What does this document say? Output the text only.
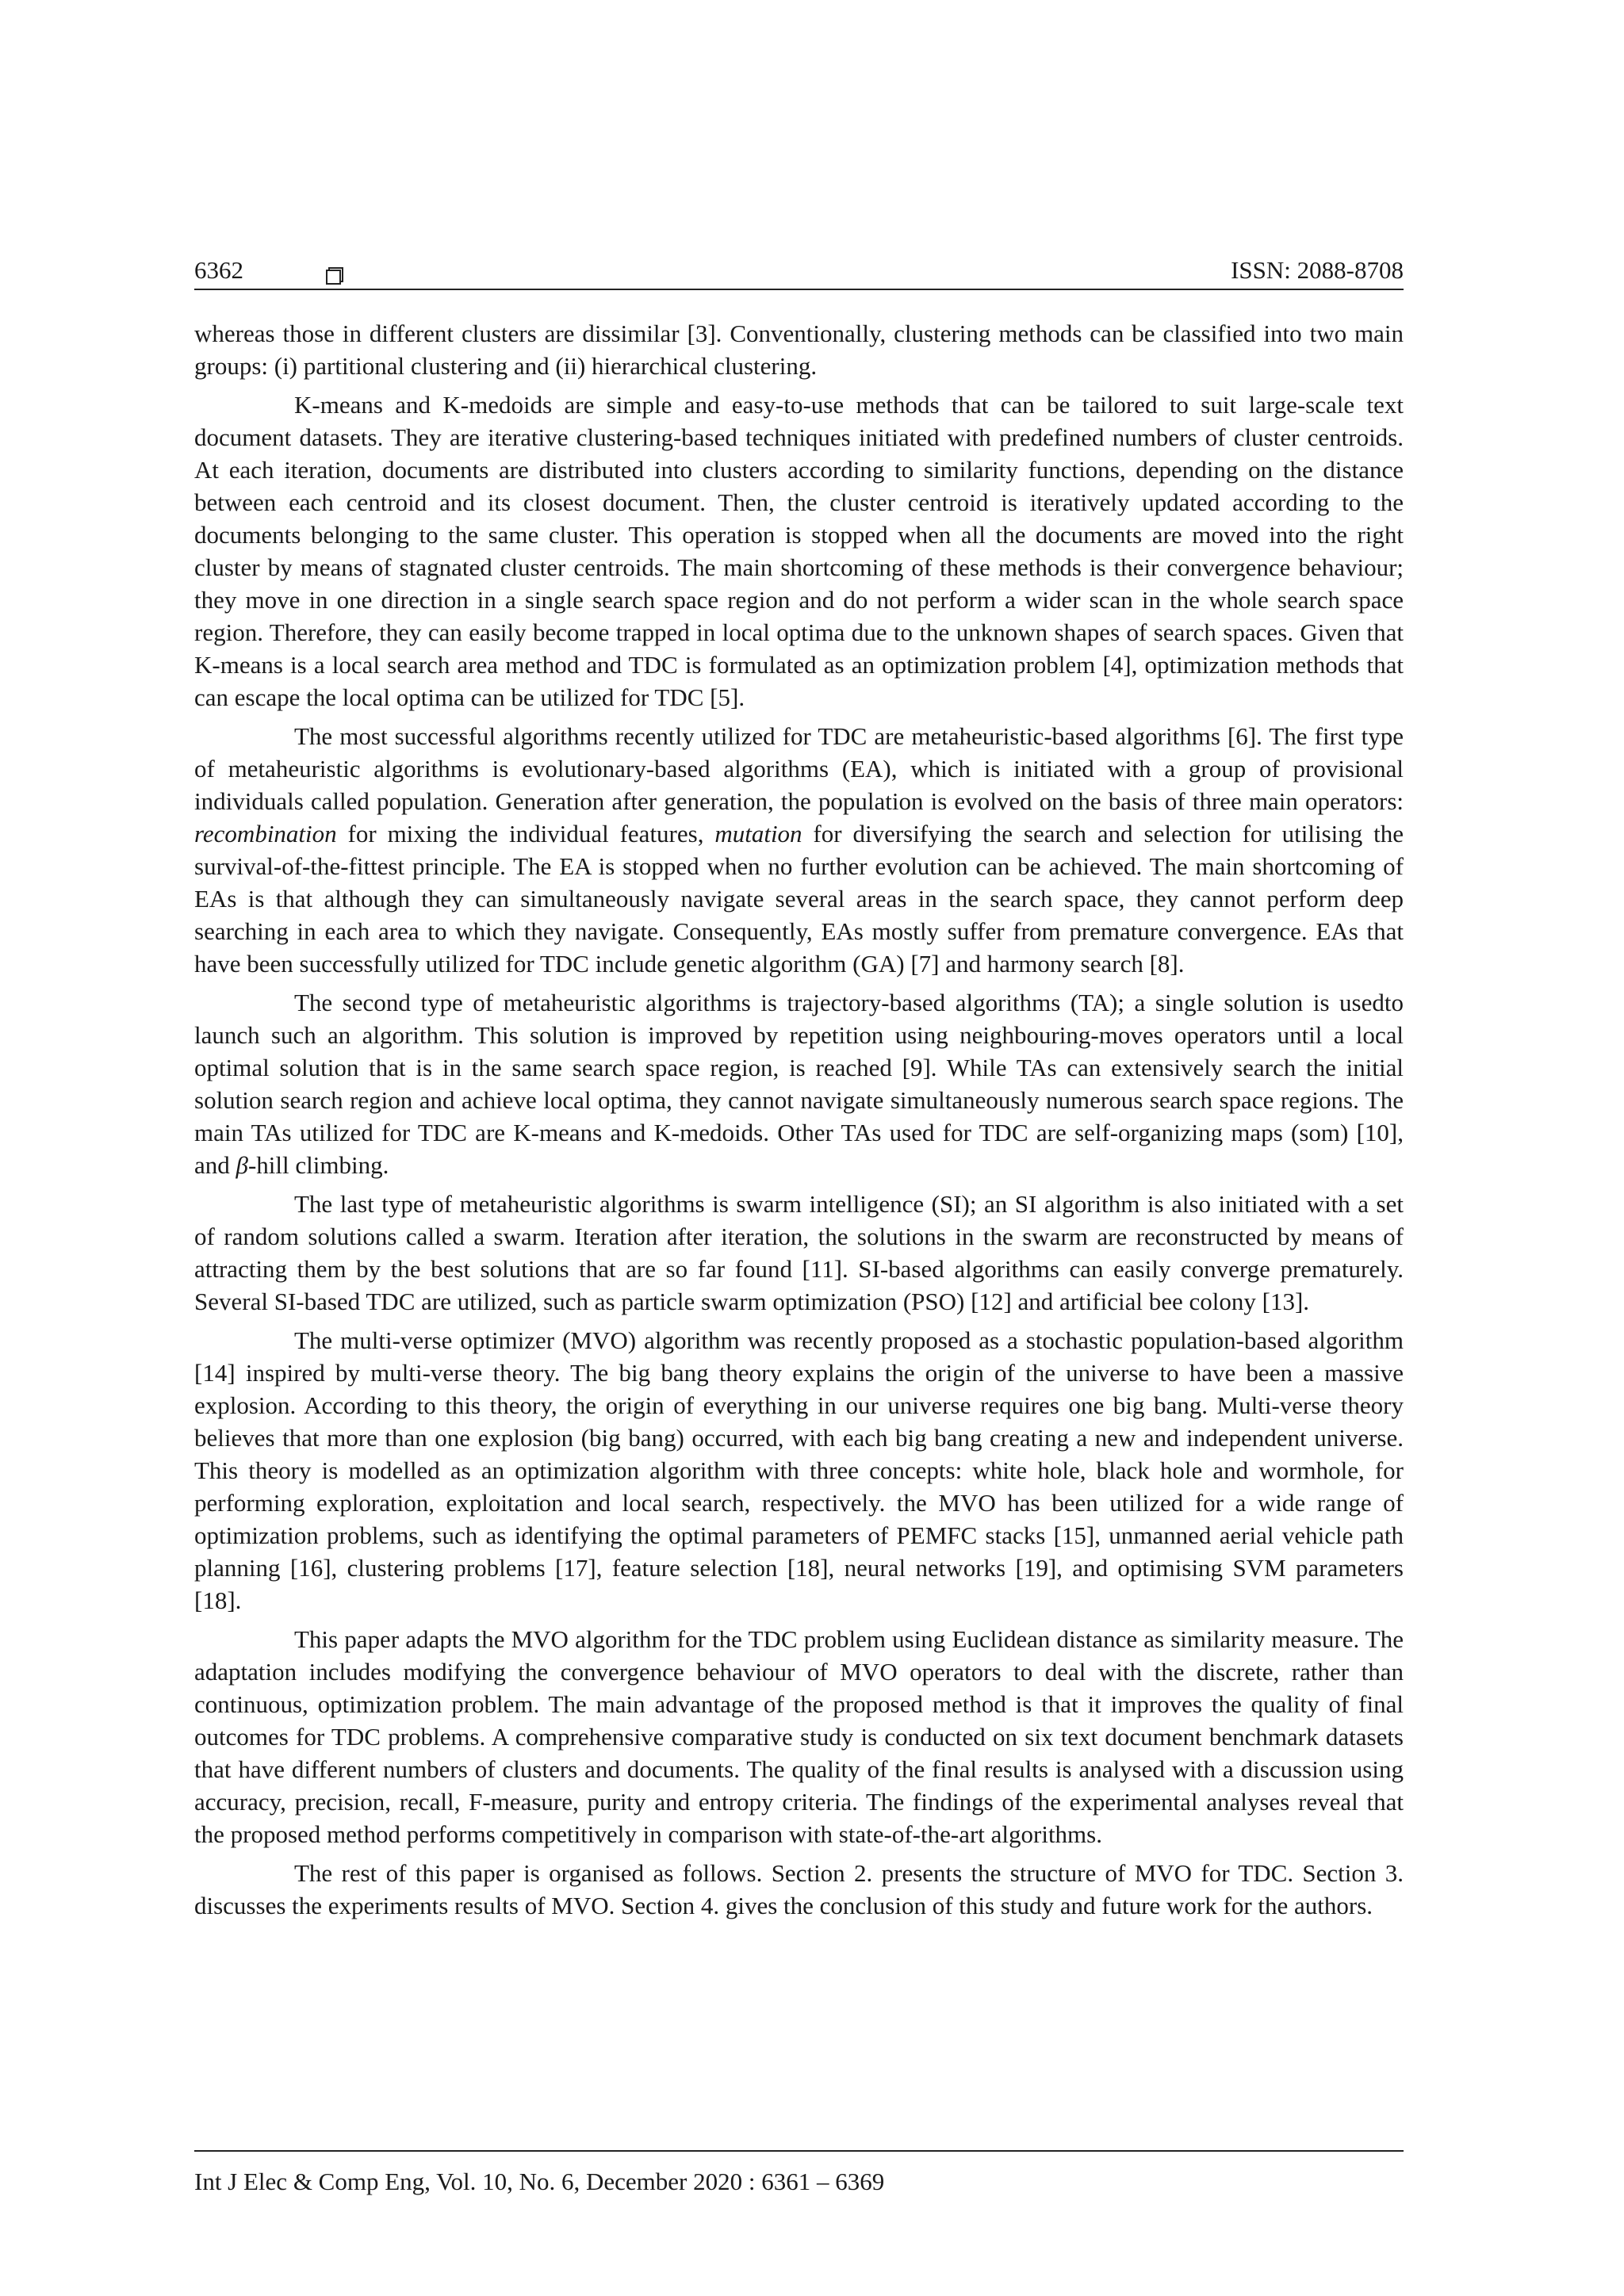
6362	ISSN: 2088-8708

whereas those in different clusters are dissimilar [3]. Conventionally, clustering methods can be classified into two main groups: (i) partitional clustering and (ii) hierarchical clustering.

K-means and K-medoids are simple and easy-to-use methods that can be tailored to suit large-scale text document datasets. They are iterative clustering-based techniques initiated with predefined numbers of cluster centroids. At each iteration, documents are distributed into clusters according to similarity functions, depending on the distance between each centroid and its closest document. Then, the cluster centroid is iteratively updated according to the documents belonging to the same cluster. This operation is stopped when all the documents are moved into the right cluster by means of stagnated cluster centroids. The main shortcoming of these methods is their convergence behaviour; they move in one direction in a single search space region and do not perform a wider scan in the whole search space region. Therefore, they can easily become trapped in local optima due to the unknown shapes of search spaces. Given that K-means is a local search area method and TDC is formulated as an optimization problem [4], optimization methods that can escape the local optima can be utilized for TDC [5].

The most successful algorithms recently utilized for TDC are metaheuristic-based algorithms [6]. The first type of metaheuristic algorithms is evolutionary-based algorithms (EA), which is initiated with a group of provisional individuals called population. Generation after generation, the population is evolved on the basis of three main operators: recombination for mixing the individual features, mutation for diversifying the search and selection for utilising the survival-of-the-fittest principle. The EA is stopped when no further evolution can be achieved. The main shortcoming of EAs is that although they can simultaneously navigate several areas in the search space, they cannot perform deep searching in each area to which they navigate. Consequently, EAs mostly suffer from premature convergence. EAs that have been successfully utilized for TDC include genetic algorithm (GA) [7] and harmony search [8].

The second type of metaheuristic algorithms is trajectory-based algorithms (TA); a single solution is usedto launch such an algorithm. This solution is improved by repetition using neighbouring-moves operators until a local optimal solution that is in the same search space region, is reached [9]. While TAs can extensively search the initial solution search region and achieve local optima, they cannot navigate simultaneously numerous search space regions. The main TAs utilized for TDC are K-means and K-medoids. Other TAs used for TDC are self-organizing maps (som) [10], and β-hill climbing.

The last type of metaheuristic algorithms is swarm intelligence (SI); an SI algorithm is also initiated with a set of random solutions called a swarm. Iteration after iteration, the solutions in the swarm are reconstructed by means of attracting them by the best solutions that are so far found [11]. SI-based algorithms can easily converge prematurely. Several SI-based TDC are utilized, such as particle swarm optimization (PSO) [12] and artificial bee colony [13].

The multi-verse optimizer (MVO) algorithm was recently proposed as a stochastic population-based algorithm [14] inspired by multi-verse theory. The big bang theory explains the origin of the universe to have been a massive explosion. According to this theory, the origin of everything in our universe requires one big bang. Multi-verse theory believes that more than one explosion (big bang) occurred, with each big bang creating a new and independent universe. This theory is modelled as an optimization algorithm with three concepts: white hole, black hole and wormhole, for performing exploration, exploitation and local search, respectively. the MVO has been utilized for a wide range of optimization problems, such as identifying the optimal parameters of PEMFC stacks [15], unmanned aerial vehicle path planning [16], clustering problems [17], feature selection [18], neural networks [19], and optimising SVM parameters [18].

This paper adapts the MVO algorithm for the TDC problem using Euclidean distance as similarity measure. The adaptation includes modifying the convergence behaviour of MVO operators to deal with the discrete, rather than continuous, optimization problem. The main advantage of the proposed method is that it improves the quality of final outcomes for TDC problems. A comprehensive comparative study is conducted on six text document benchmark datasets that have different numbers of clusters and documents. The quality of the final results is analysed with a discussion using accuracy, precision, recall, F-measure, purity and entropy criteria. The findings of the experimental analyses reveal that the proposed method performs competitively in comparison with state-of-the-art algorithms.

The rest of this paper is organised as follows. Section 2. presents the structure of MVO for TDC. Section 3. discusses the experiments results of MVO. Section 4. gives the conclusion of this study and future work for the authors.

Int J Elec & Comp Eng, Vol. 10, No. 6, December 2020 : 6361 – 6369
